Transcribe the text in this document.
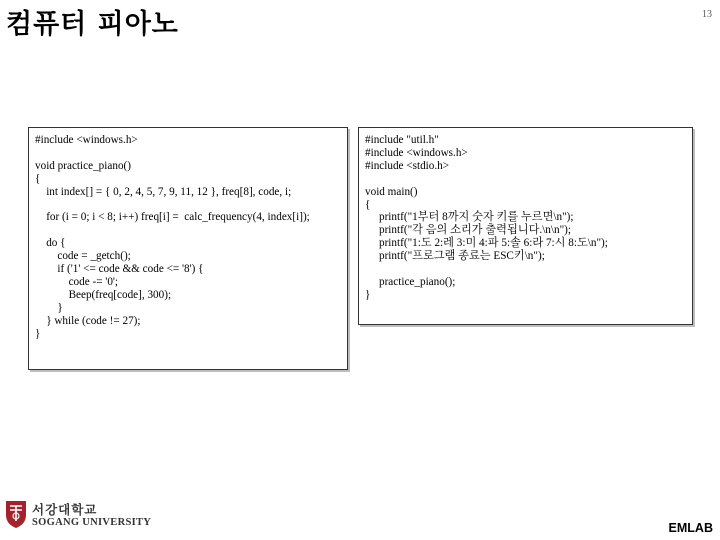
컴퓨터 피아노	13
#include <windows.h>

void practice_piano()
{
int index[] = { 0, 2, 4, 5, 7, 9, 11, 12 }, freq[8], code, i;

for (i = 0; i < 8; i++) freq[i] =  calc_frequency(4, index[i]);

do {
code = _getch();
if ('1' <= code && code <= '8') {
code -= '0';
Beep(freq[code], 300);
}
} while (code != 27);
}
#include "util.h"
#include <windows.h>
#include <stdio.h>

void main()
{
printf("1부터 8까지 숫자 키를 누르면\n");
printf("각 음의 소리가 출력됩니다.\n\n");
printf("1:도 2:레 3:미 4:파 5:솔 6:라 7:시 8:도\n");
printf("프로그램 종료는 ESC키\n");

practice_piano();
}
서강대학교
SOGANG UNIVERSITY	EMLAB
